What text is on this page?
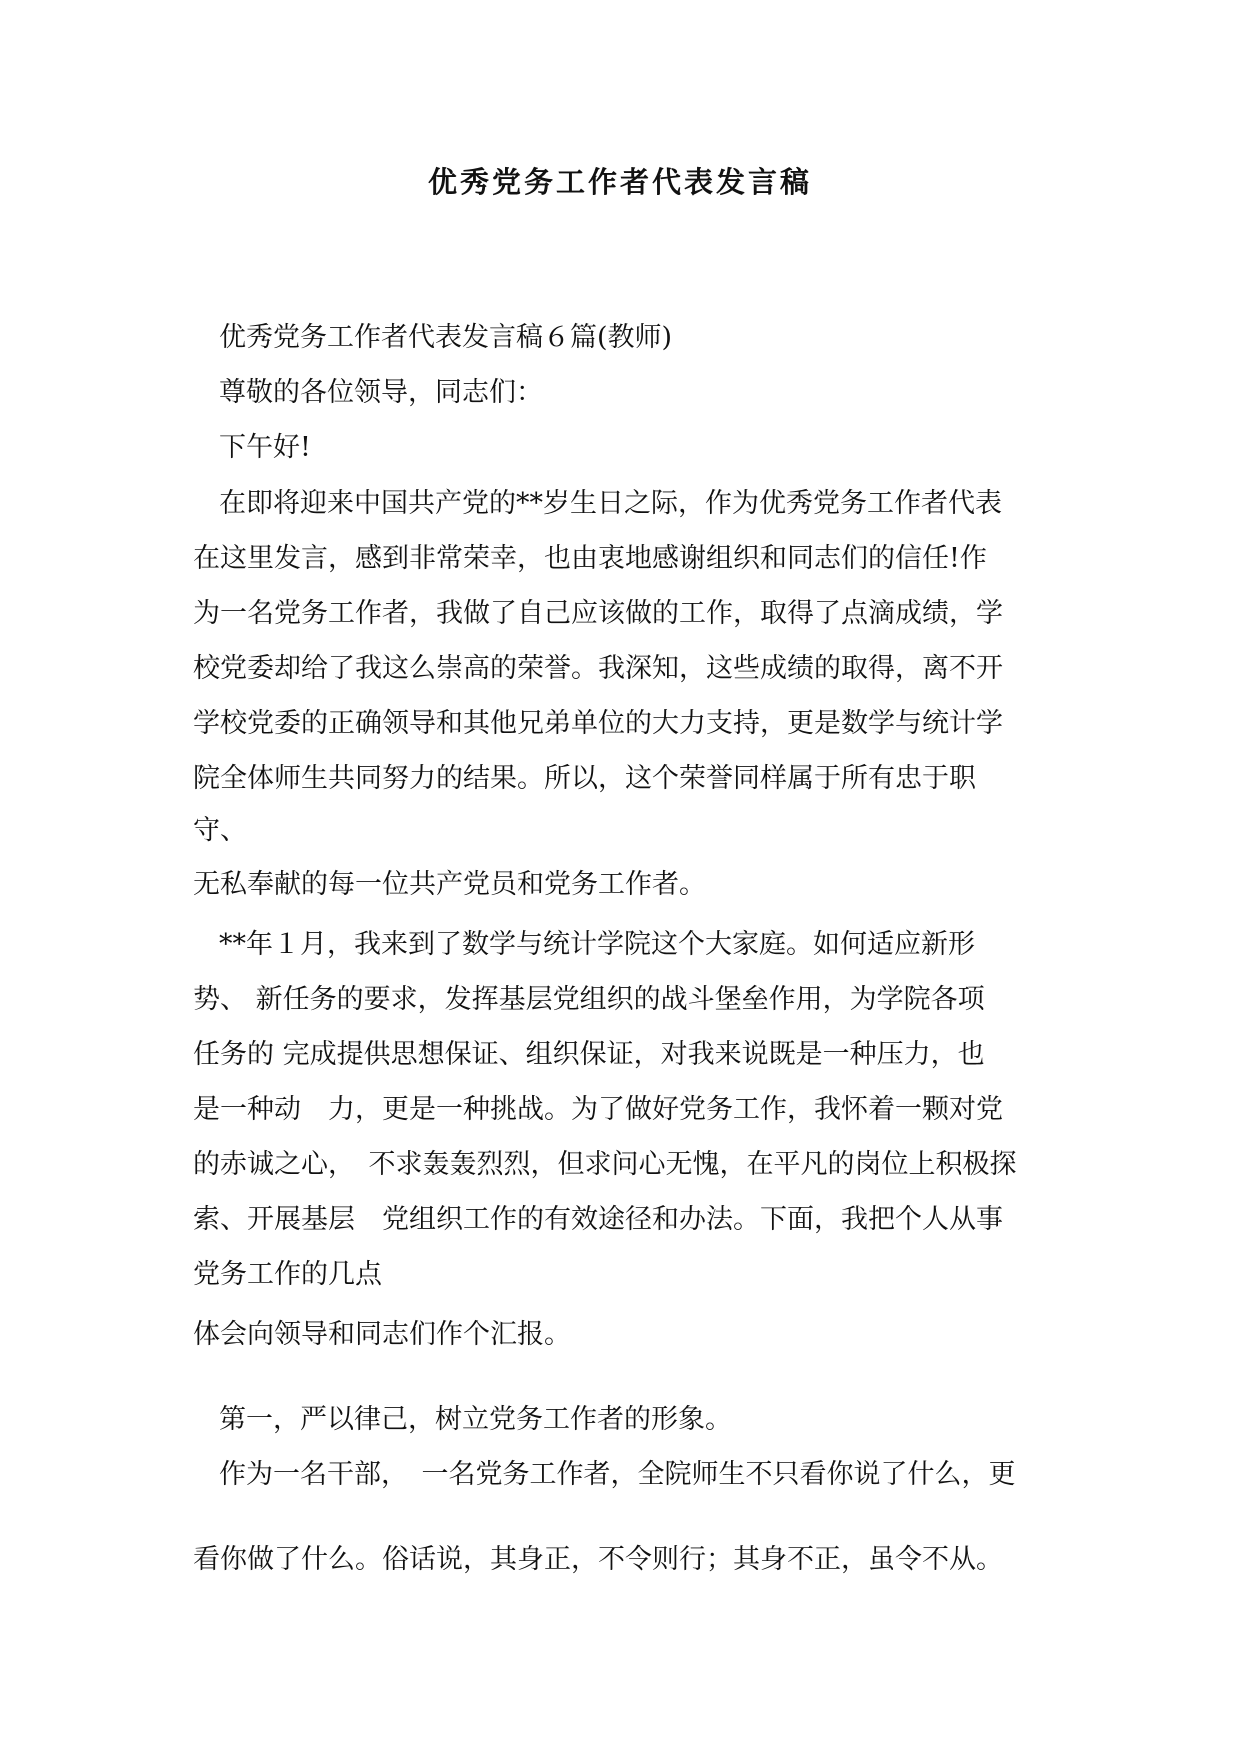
优秀党务工作者代表发言稿
优秀党务工作者代表发言稿６篇(教师)
尊敬的各位领导，同志们：
下午好!
在即将迎来中国共产党的**岁生日之际，作为优秀党务工作者代表
在这里发言，感到非常荣幸，也由衷地感谢组织和同志们的信任!作
为一名党务工作者，我做了自己应该做的工作，取得了点滴成绩，学
校党委却给了我这么崇高的荣誉。我深知，这些成绩的取得，离不开
学校党委的正确领导和其他兄弟单位的大力支持，更是数学与统计学
院全体师生共同努力的结果。所以，这个荣誉同样属于所有忠于职
守、
无私奉献的每一位共产党员和党务工作者。
**年１月，我来到了数学与统计学院这个大家庭。如何适应新形
势、 新任务的要求，发挥基层党组织的战斗堡垒作用，为学院各项
任务的 完成提供思想保证、组织保证，对我来说既是一种压力，也
是一种动　力，更是一种挑战。为了做好党务工作，我怀着一颗对党
的赤诚之心，　不求轰轰烈烈，但求问心无愧，在平凡的岗位上积极探
索、开展基层　党组织工作的有效途径和办法。下面，我把个人从事
党务工作的几点
体会向领导和同志们作个汇报。
第一，严以律己，树立党务工作者的形象。
作为一名干部，　一名党务工作者，全院师生不只看你说了什么，更
看你做了什么。俗话说，其身正，不令则行；其身不正，虽令不从。
